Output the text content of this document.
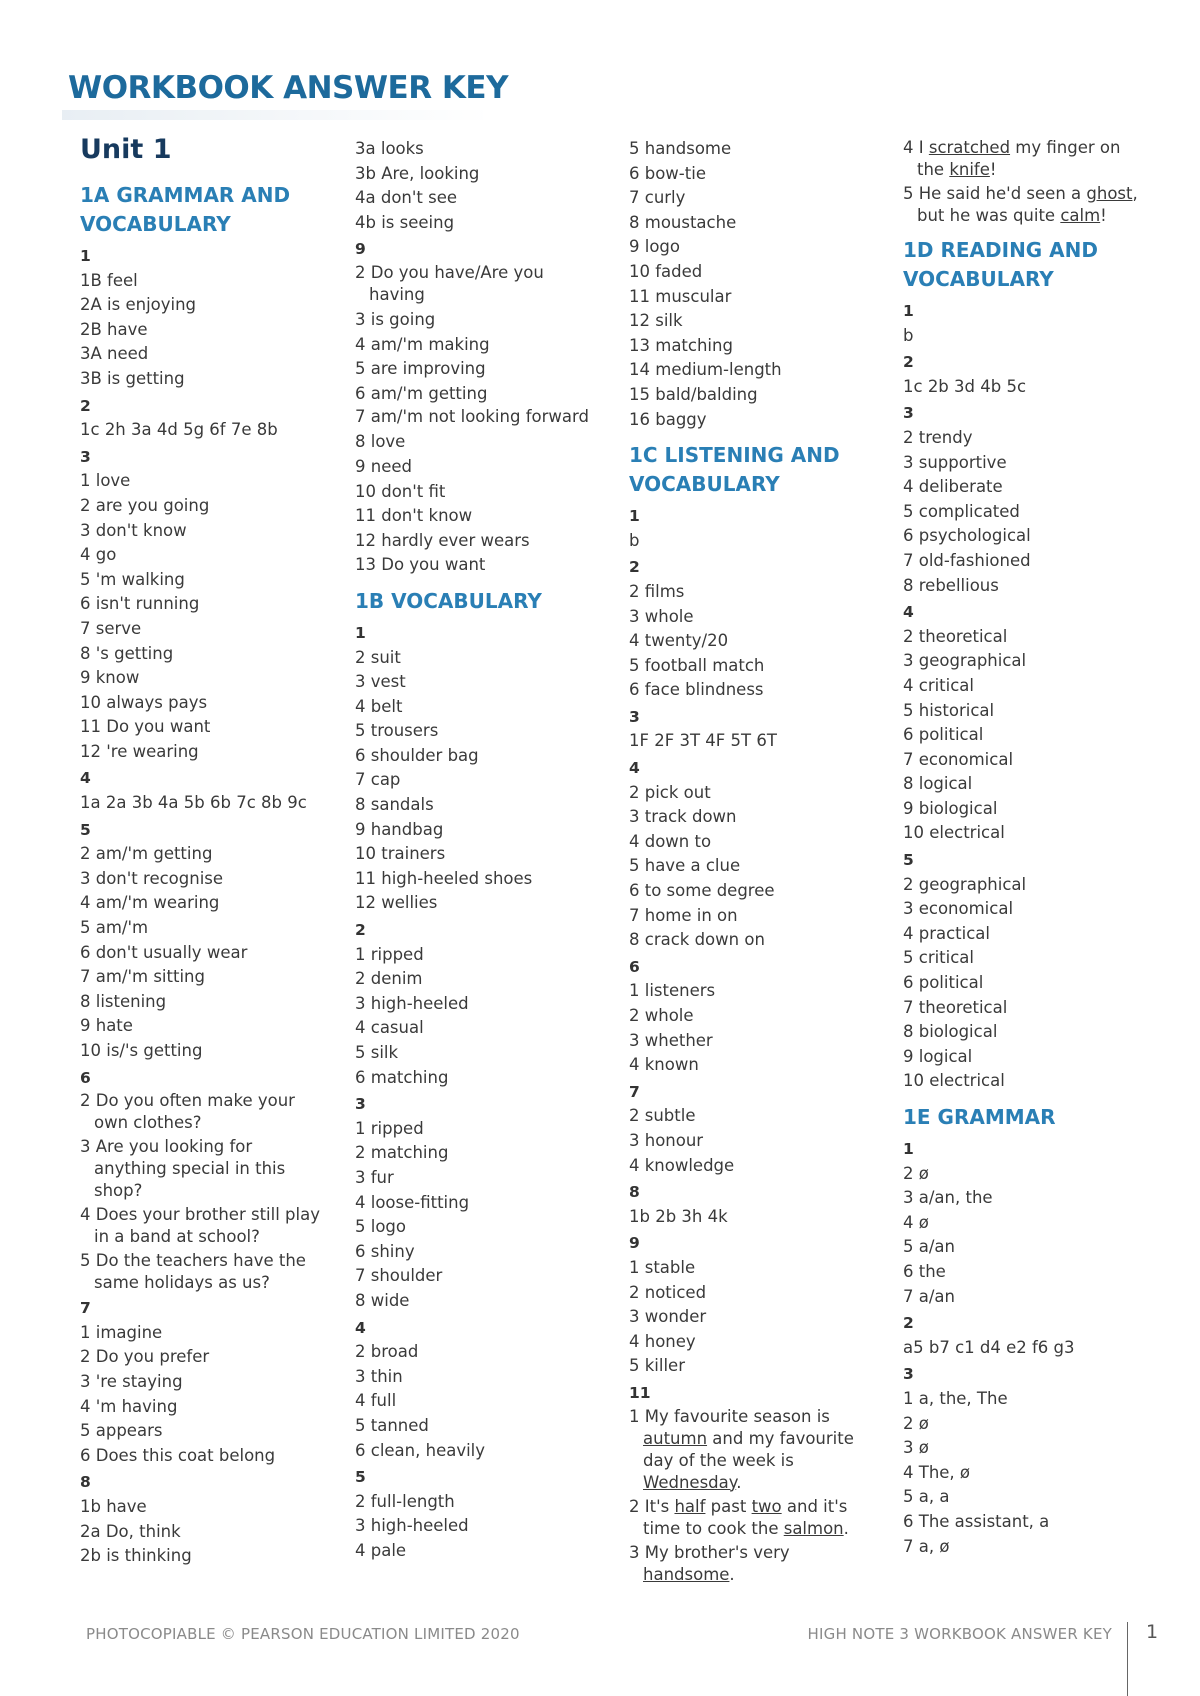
WORKBOOK ANSWER KEY
Unit 1
1A GRAMMAR AND VOCABULARY
1
1B feel
2A is enjoying
2B have
3A need
3B is getting
2
1c 2h 3a 4d 5g 6f 7e 8b
3
1 love
2 are you going
3 don't know
4 go
5 'm walking
6 isn't running
7 serve
8 's getting
9 know
10 always pays
11 Do you want
12 're wearing
4
1a 2a 3b 4a 5b 6b 7c 8b 9c
5
2 am/'m getting
3 don't recognise
4 am/'m wearing
5 am/'m
6 don't usually wear
7 am/'m sitting
8 listening
9 hate
10 is/'s getting
6
2 Do you often make your own clothes?
3 Are you looking for anything special in this shop?
4 Does your brother still play in a band at school?
5 Do the teachers have the same holidays as us?
7
1 imagine
2 Do you prefer
3 're staying
4 'm having
5 appears
6 Does this coat belong
8
1b have
2a Do, think
2b is thinking
3a looks
3b Are, looking
4a don't see
4b is seeing
9
2 Do you have/Are you having
3 is going
4 am/'m making
5 are improving
6 am/'m getting
7 am/'m not looking forward
8 love
9 need
10 don't fit
11 don't know
12 hardly ever wears
13 Do you want
1B VOCABULARY
1
2 suit
3 vest
4 belt
5 trousers
6 shoulder bag
7 cap
8 sandals
9 handbag
10 trainers
11 high-heeled shoes
12 wellies
2
1 ripped
2 denim
3 high-heeled
4 casual
5 silk
6 matching
3
1 ripped
2 matching
3 fur
4 loose-fitting
5 logo
6 shiny
7 shoulder
8 wide
4
2 broad
3 thin
4 full
5 tanned
6 clean, heavily
5
2 full-length
3 high-heeled
4 pale
5 handsome
6 bow-tie
7 curly
8 moustache
9 logo
10 faded
11 muscular
12 silk
13 matching
14 medium-length
15 bald/balding
16 baggy
1C LISTENING AND VOCABULARY
1
b
2
2 films
3 whole
4 twenty/20
5 football match
6 face blindness
3
1F 2F 3T 4F 5T 6T
4
2 pick out
3 track down
4 down to
5 have a clue
6 to some degree
7 home in on
8 crack down on
6
1 listeners
2 whole
3 whether
4 known
7
2 subtle
3 honour
4 knowledge
8
1b 2b 3h 4k
9
1 stable
2 noticed
3 wonder
4 honey
5 killer
11
1 My favourite season is autumn and my favourite day of the week is Wednesday.
2 It's half past two and it's time to cook the salmon.
3 My brother's very handsome.
4 I scratched my finger on the knife!
5 He said he'd seen a ghost, but he was quite calm!
1D READING AND VOCABULARY
1
b
2
1c 2b 3d 4b 5c
3
2 trendy
3 supportive
4 deliberate
5 complicated
6 psychological
7 old-fashioned
8 rebellious
4
2 theoretical
3 geographical
4 critical
5 historical
6 political
7 economical
8 logical
9 biological
10 electrical
5
2 geographical
3 economical
4 practical
5 critical
6 political
7 theoretical
8 biological
9 logical
10 electrical
1E GRAMMAR
1
2 ø
3 a/an, the
4 ø
5 a/an
6 the
7 a/an
2
a5 b7 c1 d4 e2 f6 g3
3
1 a, the, The
2 ø
3 ø
4 The, ø
5 a, a
6 The assistant, a
7 a, ø
PHOTOCOPIABLE © PEARSON EDUCATION LIMITED 2020	HIGH NOTE 3 WORKBOOK ANSWER KEY 1
